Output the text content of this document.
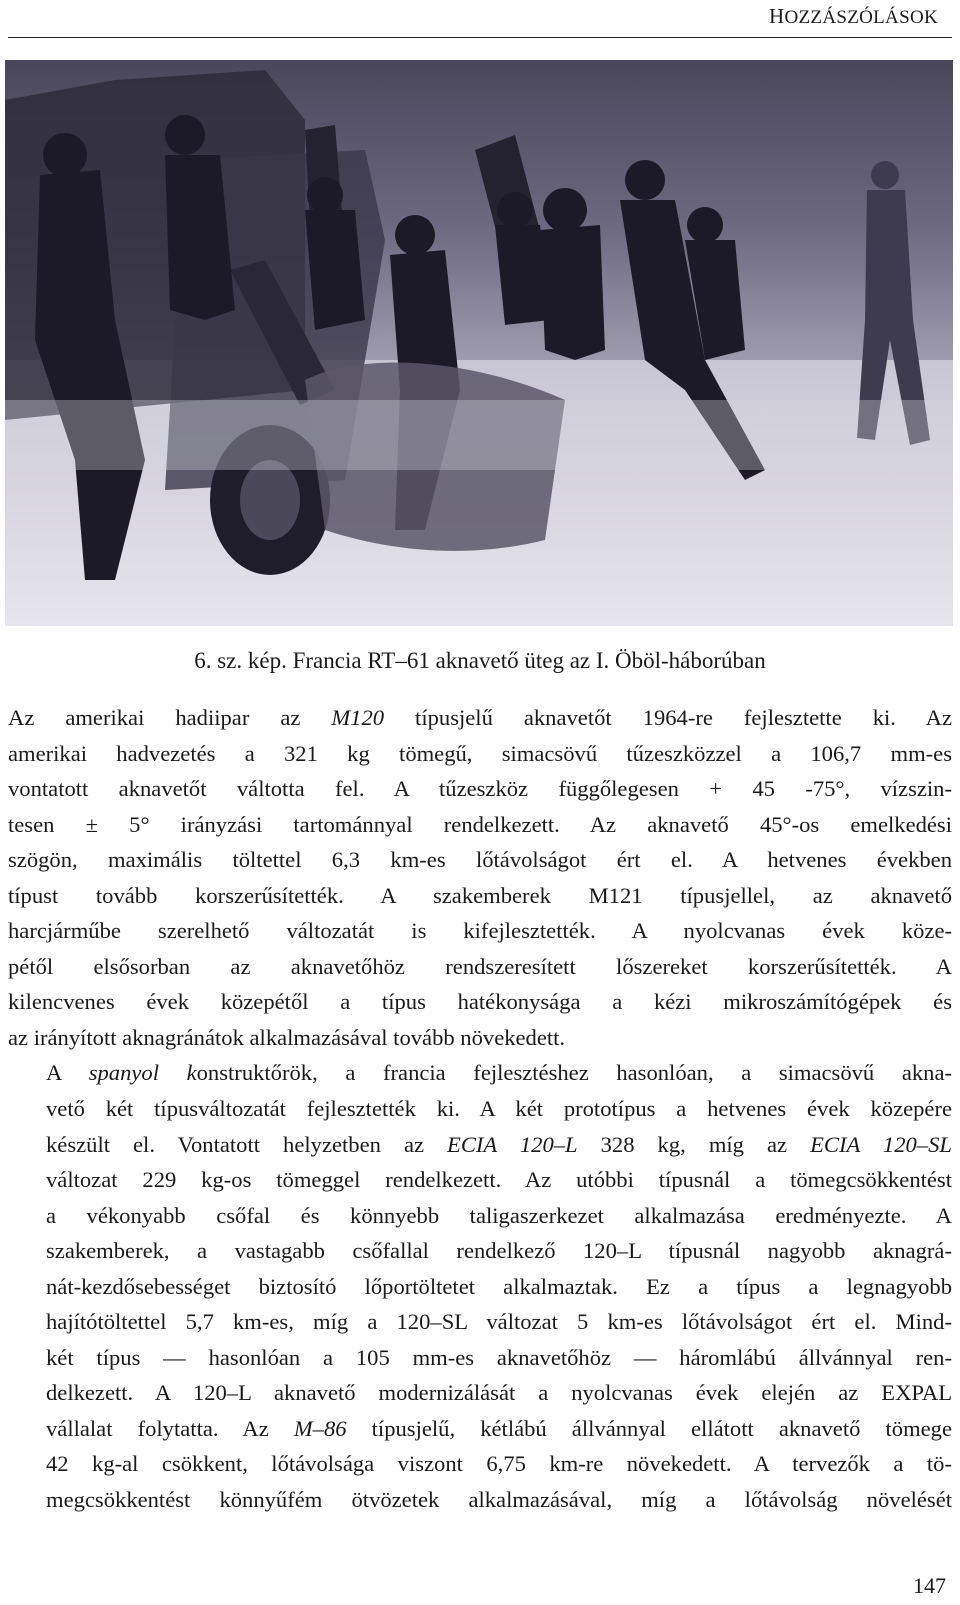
HOZZÁSZÓLÁSOK
6. sz. kép. Francia RT–61 aknavető üteg az I. Öböl-háborúban

Az amerikai hadiipar az M120 típusjelű aknavetőt 1964-re fejlesztette ki. Az
amerikai hadvezetés a 321 kg tömegű, simacsövű tűzeszközzel a 106,7 mm-es
vontatott aknavetőt váltotta fel. A tűzeszköz függőlegesen + 45 -75°, vízszin-
tesen ± 5° irányzási tartománnyal rendelkezett. Az aknavető 45°-os emelkedési
szögön, maximális töltettel 6,3 km-es lőtávolságot ért el. A hetvenes években
típust tovább korszerűsítették. A szakemberek M121 típusjellel, az aknavető
harcjárműbe szerelhető változatát is kifejlesztették. A nyolcvanas évek köze-
pétől elsősorban az aknavetőhöz rendszeresített lőszereket korszerűsítették. A
kilencvenes évek közepétől a típus hatékonysága a kézi mikroszámítógépek és
az irányított aknagránátok alkalmazásával tovább növekedett.

A spanyol konstruktőrök, a francia fejlesztéshez hasonlóan, a simacsövű akna-
vető két típusváltozatát fejlesztették ki. A két prototípus a hetvenes évek közepére
készült el. Vontatott helyzetben az ECIA 120–L 328 kg, míg az ECIA 120–SL
változat 229 kg-os tömeggel rendelkezett. Az utóbbi típusnál a tömegcsökkentést
a vékonyabb csőfal és könnyebb taligaszerkezet alkalmazása eredményezte. A
szakemberek, a vastagabb csőfallal rendelkező 120–L típusnál nagyobb aknagrá-
nát-kezdősebességet biztosító lőportöltetet alkalmaztak. Ez a típus a legnagyobb
hajítótöltettel 5,7 km-es, míg a 120–SL változat 5 km-es lőtávolságot ért el. Mind-
két típus — hasonlóan a 105 mm-es aknavetőhöz — háromlábú állvánnyal ren-
delkezett. A 120–L aknavető modernizálását a nyolcvanas évek elején az EXPAL
vállalat folytatta. Az M–86 típusjelű, kétlábú állvánnyal ellátott aknavető tömege
42 kg-al csökkent, lőtávolsága viszont 6,75 km-re növekedett. A tervezők a tö-
megcsökkentést könnyűfém ötvözetek alkalmazásával, míg a lőtávolság növelését

147
